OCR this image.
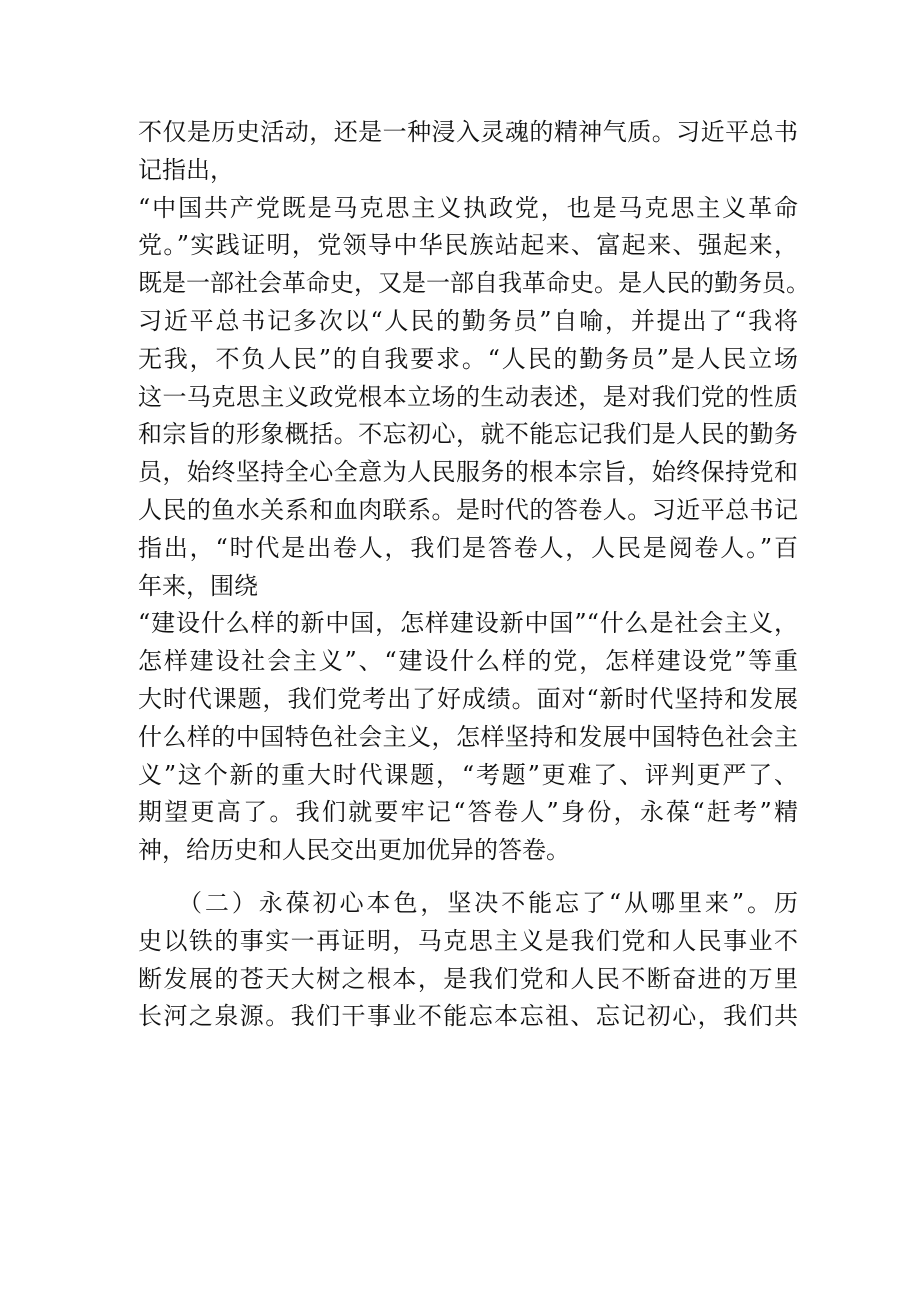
不仅是历史活动，还是一种浸入灵魂的精神气质。习近平总书
记指出，
“中国共产党既是马克思主义执政党，也是马克思主义革命
党。”实践证明，党领导中华民族站起来、富起来、强起来，
既是一部社会革命史，又是一部自我革命史。是人民的勤务员。
习近平总书记多次以“人民的勤务员”自喻，并提出了“我将
无我，不负人民”的自我要求。“人民的勤务员”是人民立场
这一马克思主义政党根本立场的生动表述，是对我们党的性质
和宗旨的形象概括。不忘初心，就不能忘记我们是人民的勤务
员，始终坚持全心全意为人民服务的根本宗旨，始终保持党和
人民的鱼水关系和血肉联系。是时代的答卷人。习近平总书记
指出，“时代是出卷人，我们是答卷人，人民是阅卷人。”百
年来，围绕
“建设什么样的新中国，怎样建设新中国”“什么是社会主义，
怎样建设社会主义”、“建设什么样的党，怎样建设党”等重
大时代课题，我们党考出了好成绩。面对“新时代坚持和发展
什么样的中国特色社会主义，怎样坚持和发展中国特色社会主
义”这个新的重大时代课题，“考题”更难了、评判更严了、
期望更高了。我们就要牢记“答卷人”身份，永葆“赶考”精
神，给历史和人民交出更加优异的答卷。
（二）永葆初心本色，坚决不能忘了“从哪里来”。历
史以铁的事实一再证明，马克思主义是我们党和人民事业不
断发展的苍天大树之根本，是我们党和人民不断奋进的万里
长河之泉源。我们干事业不能忘本忘祖、忘记初心，我们共
